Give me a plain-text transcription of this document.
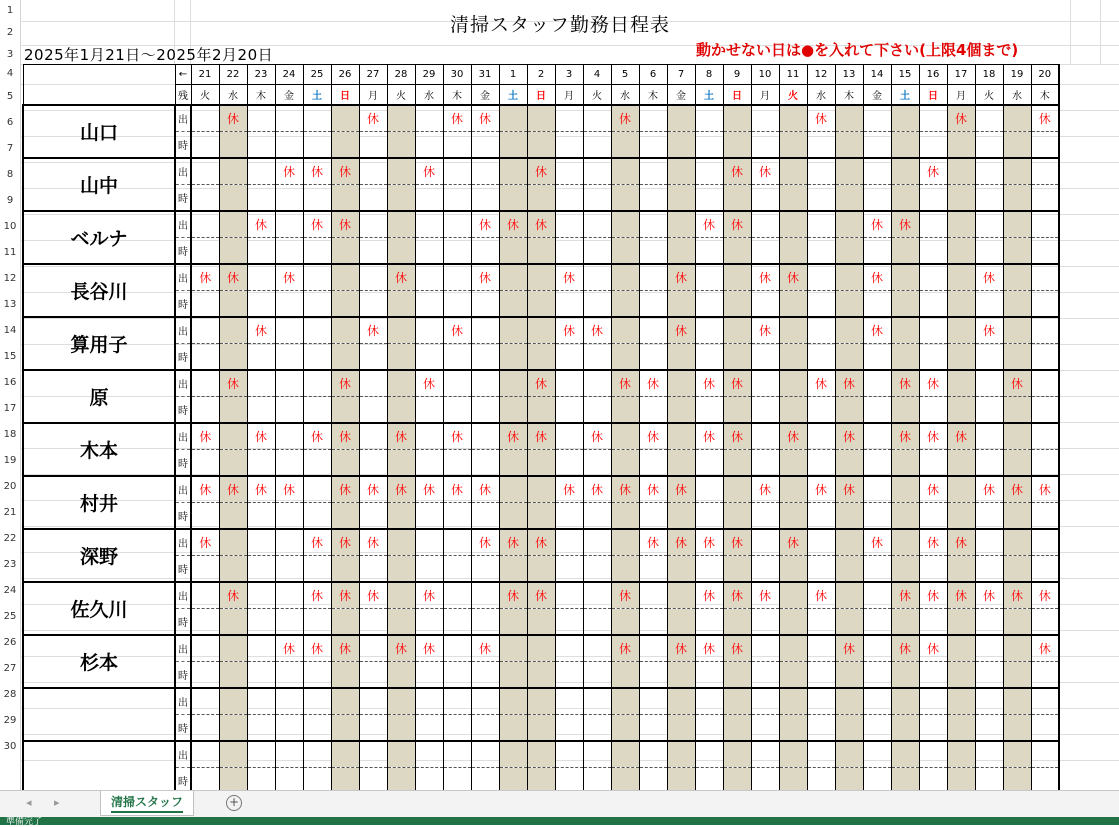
1
2
3
4
5
6
7
8
9
10
11
12
13
14
15
16
17
18
19
20
21
22
23
24
25
26
27
28
29
30
清掃スタッフ勤務日程表
2025年1月21日～2025年2月20日	動かせない日は●を入れて下さい(上限4個まで)
	←	21	22	23	24	25	26	27	28	29	30	31	1	2	3	4	5	6	7	8	9	10	11	12	13	14	15	16	17	18	19	20
	残	火	水	木	金	土	日	月	火	水	木	金	土	日	月	火	水	木	金	土	日	月	火	水	木	金	土	日	月	火	水	木
山口	出		休					休			休	休					休							休					休			休
	時																															
山中	出				休	休	休			休				休							休	休						休				
	時																															
ベルナ	出			休		休	休					休	休	休						休	休					休	休					
	時																															
長谷川	出	休	休		休				休			休			休				休			休	休			休				休		
	時																															
算用子	出			休				休			休				休	休			休			休				休				休		
	時																															
原	出		休				休			休				休			休	休		休	休			休	休		休	休			休	
	時																															
木本	出	休		休		休	休		休		休		休	休		休		休		休	休		休		休		休	休	休			
	時																															
村井	出	休	休	休	休		休	休	休	休	休	休			休	休	休	休	休			休		休	休			休		休	休	休
	時																															
深野	出	休				休	休	休				休	休	休				休	休	休	休		休			休		休	休			
	時																															
佐久川	出		休			休	休	休		休			休	休			休			休	休	休		休			休	休	休	休	休	休
	時																															
杉本	出				休	休	休		休	休		休					休		休	休	休				休		休	休				休
	時																															
	出																															
	時																															
	出																															
	時																															
◂ ▸	清掃スタッフ	+
準備完了
